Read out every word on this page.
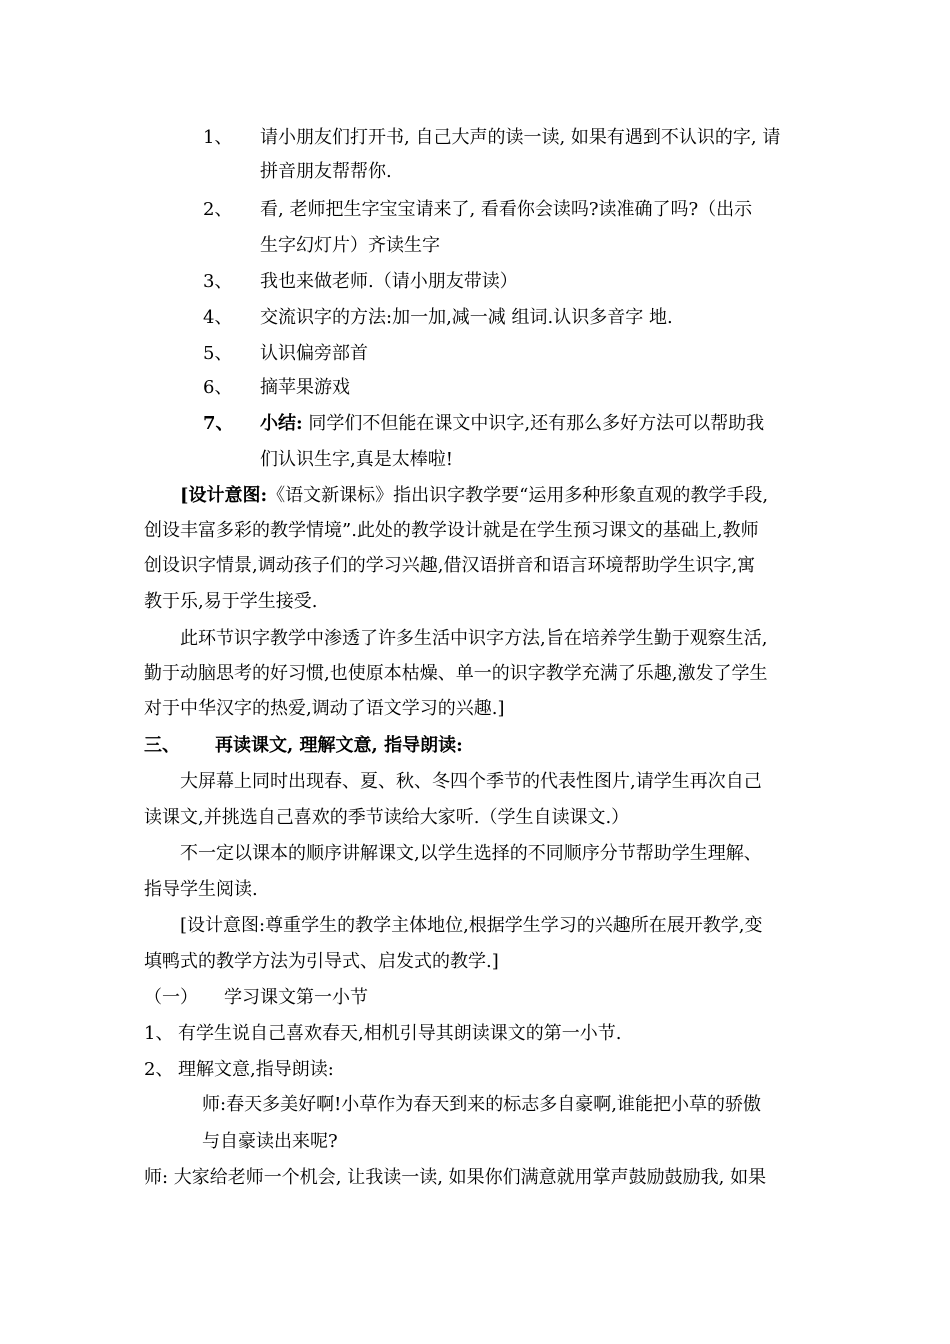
1、 请小朋友们打开书, 自己大声的读一读, 如果有遇到不认识的字, 请
拼音朋友帮帮你.
2、 看, 老师把生字宝宝请来了, 看看你会读吗?读准确了吗?（出示
生字幻灯片）齐读生字
3、 我也来做老师.（请小朋友带读）
4、 交流识字的方法:加一加,减一减 组词.认识多音字 地.
5、 认识偏旁部首
6、 摘苹果游戏
7、 小结: 同学们不但能在课文中识字,还有那么多好方法可以帮助我
们认识生字,真是太棒啦!
[设计意图:《语文新课标》指出识字教学要“运用多种形象直观的教学手段,
创设丰富多彩的教学情境”.此处的教学设计就是在学生预习课文的基础上,教师
创设识字情景,调动孩子们的学习兴趣,借汉语拼音和语言环境帮助学生识字,寓
教于乐,易于学生接受.
此环节识字教学中渗透了许多生活中识字方法,旨在培养学生勤于观察生活,
勤于动脑思考的好习惯,也使原本枯燥、单一的识字教学充满了乐趣,激发了学生
对于中华汉字的热爱,调动了语文学习的兴趣.]
三、 再读课文, 理解文意, 指导朗读:
大屏幕上同时出现春、夏、秋、冬四个季节的代表性图片,请学生再次自己
读课文,并挑选自己喜欢的季节读给大家听.（学生自读课文.）
不一定以课本的顺序讲解课文,以学生选择的不同顺序分节帮助学生理解、
指导学生阅读.
[设计意图:尊重学生的教学主体地位,根据学生学习的兴趣所在展开教学,变
填鸭式的教学方法为引导式、启发式的教学.]
（一） 学习课文第一小节
1、 有学生说自己喜欢春天,相机引导其朗读课文的第一小节.
2、 理解文意,指导朗读:
师:春天多美好啊!小草作为春天到来的标志多自豪啊,谁能把小草的骄傲
与自豪读出来呢?
师: 大家给老师一个机会, 让我读一读, 如果你们满意就用掌声鼓励鼓励我, 如果
